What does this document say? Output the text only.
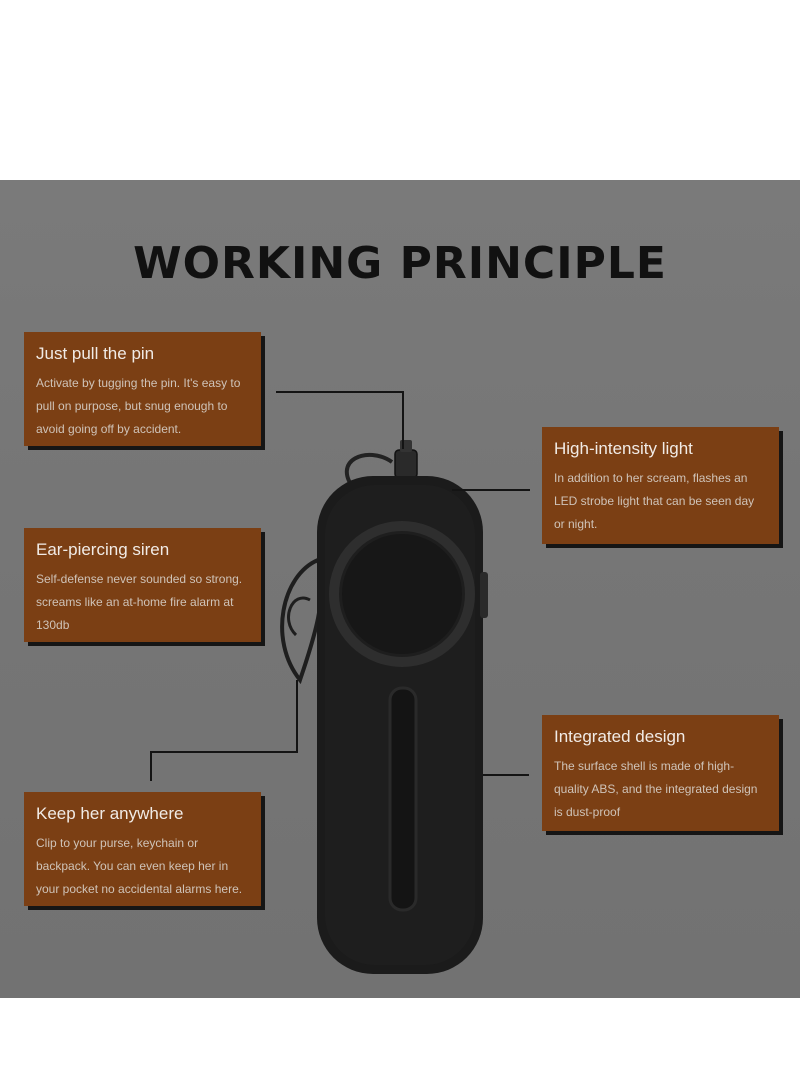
WORKING PRINCIPLE

Just pull the pin

Activate by tugging the pin. It's easy to pull on purpose, but snug enough to avoid going off by accident.

Ear-piercing siren

Self-defense never sounded so strong. screams like an at-home fire alarm at 130db

Keep her anywhere

Clip to your purse, keychain or backpack. You can even keep her in your pocket no accidental alarms here.

High-intensity light

In addition to her scream, flashes an LED strobe light that can be seen day or night.

Integrated design

The surface shell is made of high-quality ABS, and the integrated design is dust-proof
